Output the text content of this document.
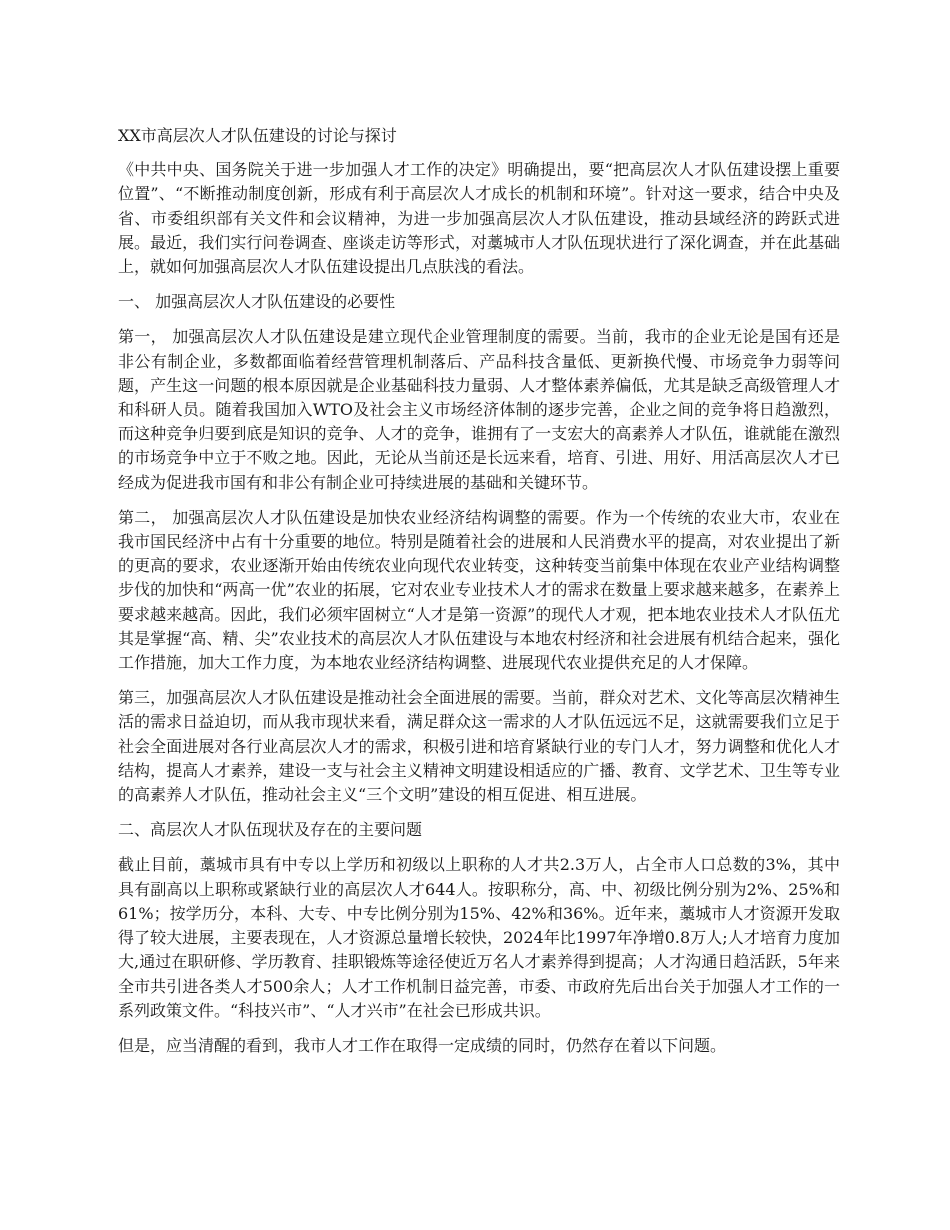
XX市高层次人才队伍建设的讨论与探讨

《中共中央、国务院关于进一步加强人才工作的决定》明确提出，要“把高层次人才队伍建设摆上重要位置”、“不断推动制度创新，形成有利于高层次人才成长的机制和环境”。针对这一要求，结合中央及省、市委组织部有关文件和会议精神，为进一步加强高层次人才队伍建设，推动县域经济的跨跃式进展。最近，我们实行问卷调查、座谈走访等形式，对藁城市人才队伍现状进行了深化调查，并在此基础上，就如何加强高层次人才队伍建设提出几点肤浅的看法。

一、 加强高层次人才队伍建设的必要性

第一， 加强高层次人才队伍建设是建立现代企业管理制度的需要。当前，我市的企业无论是国有还是非公有制企业，多数都面临着经营管理机制落后、产品科技含量低、更新换代慢、市场竞争力弱等问题，产生这一问题的根本原因就是企业基础科技力量弱、人才整体素养偏低，尤其是缺乏高级管理人才和科研人员。随着我国加入WTO及社会主义市场经济体制的逐步完善，企业之间的竞争将日趋激烈，而这种竞争归要到底是知识的竞争、人才的竞争，谁拥有了一支宏大的高素养人才队伍，谁就能在激烈的市场竞争中立于不败之地。因此，无论从当前还是长远来看，培育、引进、用好、用活高层次人才已经成为促进我市国有和非公有制企业可持续进展的基础和关键环节。

第二， 加强高层次人才队伍建设是加快农业经济结构调整的需要。作为一个传统的农业大市，农业在我市国民经济中占有十分重要的地位。特别是随着社会的进展和人民消费水平的提高，对农业提出了新的更高的要求，农业逐渐开始由传统农业向现代农业转变，这种转变当前集中体现在农业产业结构调整步伐的加快和“两高一优”农业的拓展，它对农业专业技术人才的需求在数量上要求越来越多，在素养上要求越来越高。因此，我们必须牢固树立“人才是第一资源”的现代人才观，把本地农业技术人才队伍尤其是掌握“高、精、尖”农业技术的高层次人才队伍建设与本地农村经济和社会进展有机结合起来，强化工作措施，加大工作力度，为本地农业经济结构调整、进展现代农业提供充足的人才保障。

第三，加强高层次人才队伍建设是推动社会全面进展的需要。当前，群众对艺术、文化等高层次精神生活的需求日益迫切，而从我市现状来看，满足群众这一需求的人才队伍远远不足，这就需要我们立足于社会全面进展对各行业高层次人才的需求，积极引进和培育紧缺行业的专门人才，努力调整和优化人才结构，提高人才素养，建设一支与社会主义精神文明建设相适应的广播、教育、文学艺术、卫生等专业的高素养人才队伍，推动社会主义“三个文明”建设的相互促进、相互进展。

二、高层次人才队伍现状及存在的主要问题

截止目前，藁城市具有中专以上学历和初级以上职称的人才共2.3万人，占全市人口总数的3%，其中具有副高以上职称或紧缺行业的高层次人才644人。按职称分，高、中、初级比例分别为2%、25%和61%；按学历分，本科、大专、中专比例分别为15%、42%和36%。近年来，藁城市人才资源开发取得了较大进展，主要表现在，人才资源总量增长较快，2024年比1997年净增0.8万人;人才培育力度加大,通过在职研修、学历教育、挂职锻炼等途径使近万名人才素养得到提高；人才沟通日趋活跃，5年来全市共引进各类人才500余人；人才工作机制日益完善，市委、市政府先后出台关于加强人才工作的一系列政策文件。“科技兴市”、“人才兴市”在社会已形成共识。

但是，应当清醒的看到，我市人才工作在取得一定成绩的同时，仍然存在着以下问题。
